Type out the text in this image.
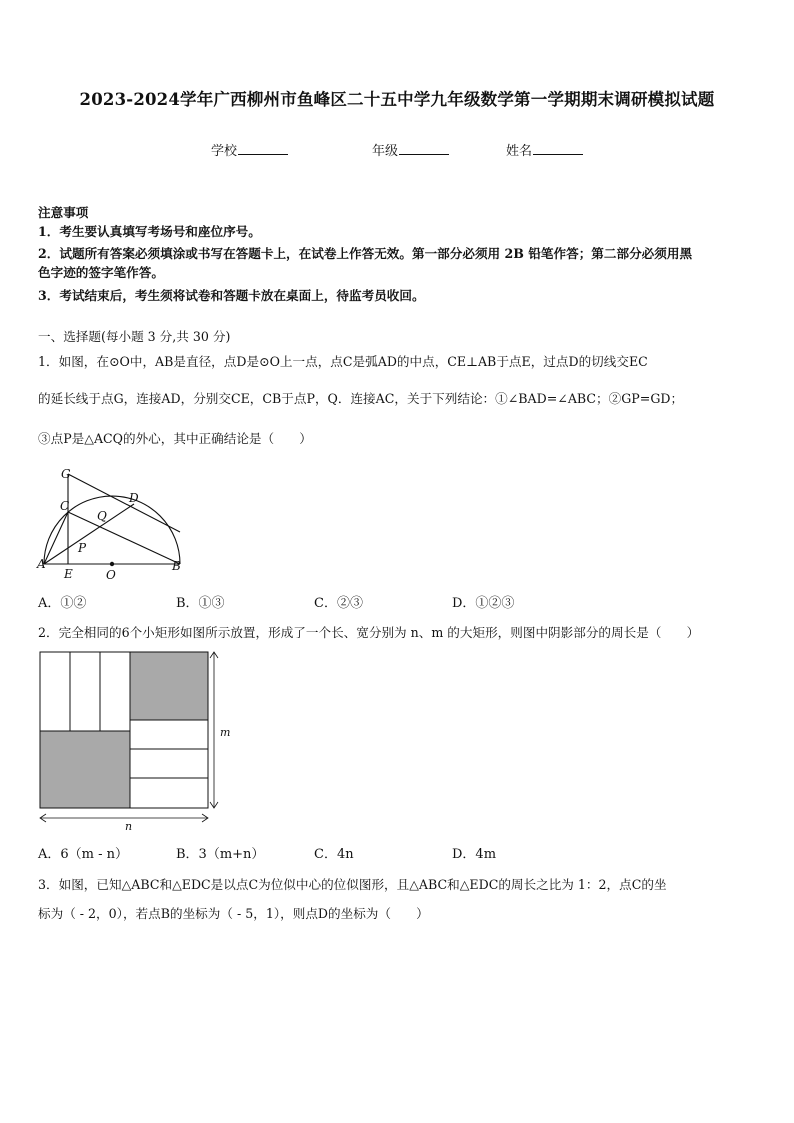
2023-2024学年广西柳州市鱼峰区二十五中学九年级数学第一学期期末调研模拟试题
学校	年级	姓名
注意事项
1．考生要认真填写考场号和座位序号。
2．试题所有答案必须填涂或书写在答题卡上，在试卷上作答无效。第一部分必须用 2B 铅笔作答；第二部分必须用黑
色字迹的签字笔作答。
3．考试结束后，考生须将试卷和答题卡放在桌面上，待监考员收回。
一、选择题(每小题 3 分,共 30 分)
1．如图，在⊙O中，AB是直径，点D是⊙O上一点，点C是弧AD的中点，CE⊥AB于点E，过点D的切线交EC
的延长线于点G，连接AD，分别交CE，CB于点P，Q．连接AC，关于下列结论：①∠BAD=∠ABC；②GP=GD；
③点P是△ACQ的外心，其中正确结论是（　　）
G
C
D
Q
P
A
E	O
B
A．①②	B．①③	C．②③	D．①②③
2．完全相同的6个小矩形如图所示放置，形成了一个长、宽分别为 n、m 的大矩形，则图中阴影部分的周长是（　　）
m
n
A．6（m - n）	B．3（m+n）	C．4n	D．4m
3．如图，已知△ABC和△EDC是以点C为位似中心的位似图形，且△ABC和△EDC的周长之比为 1：2，点C的坐
标为（ - 2，0），若点B的坐标为（ - 5，1），则点D的坐标为（　　）
